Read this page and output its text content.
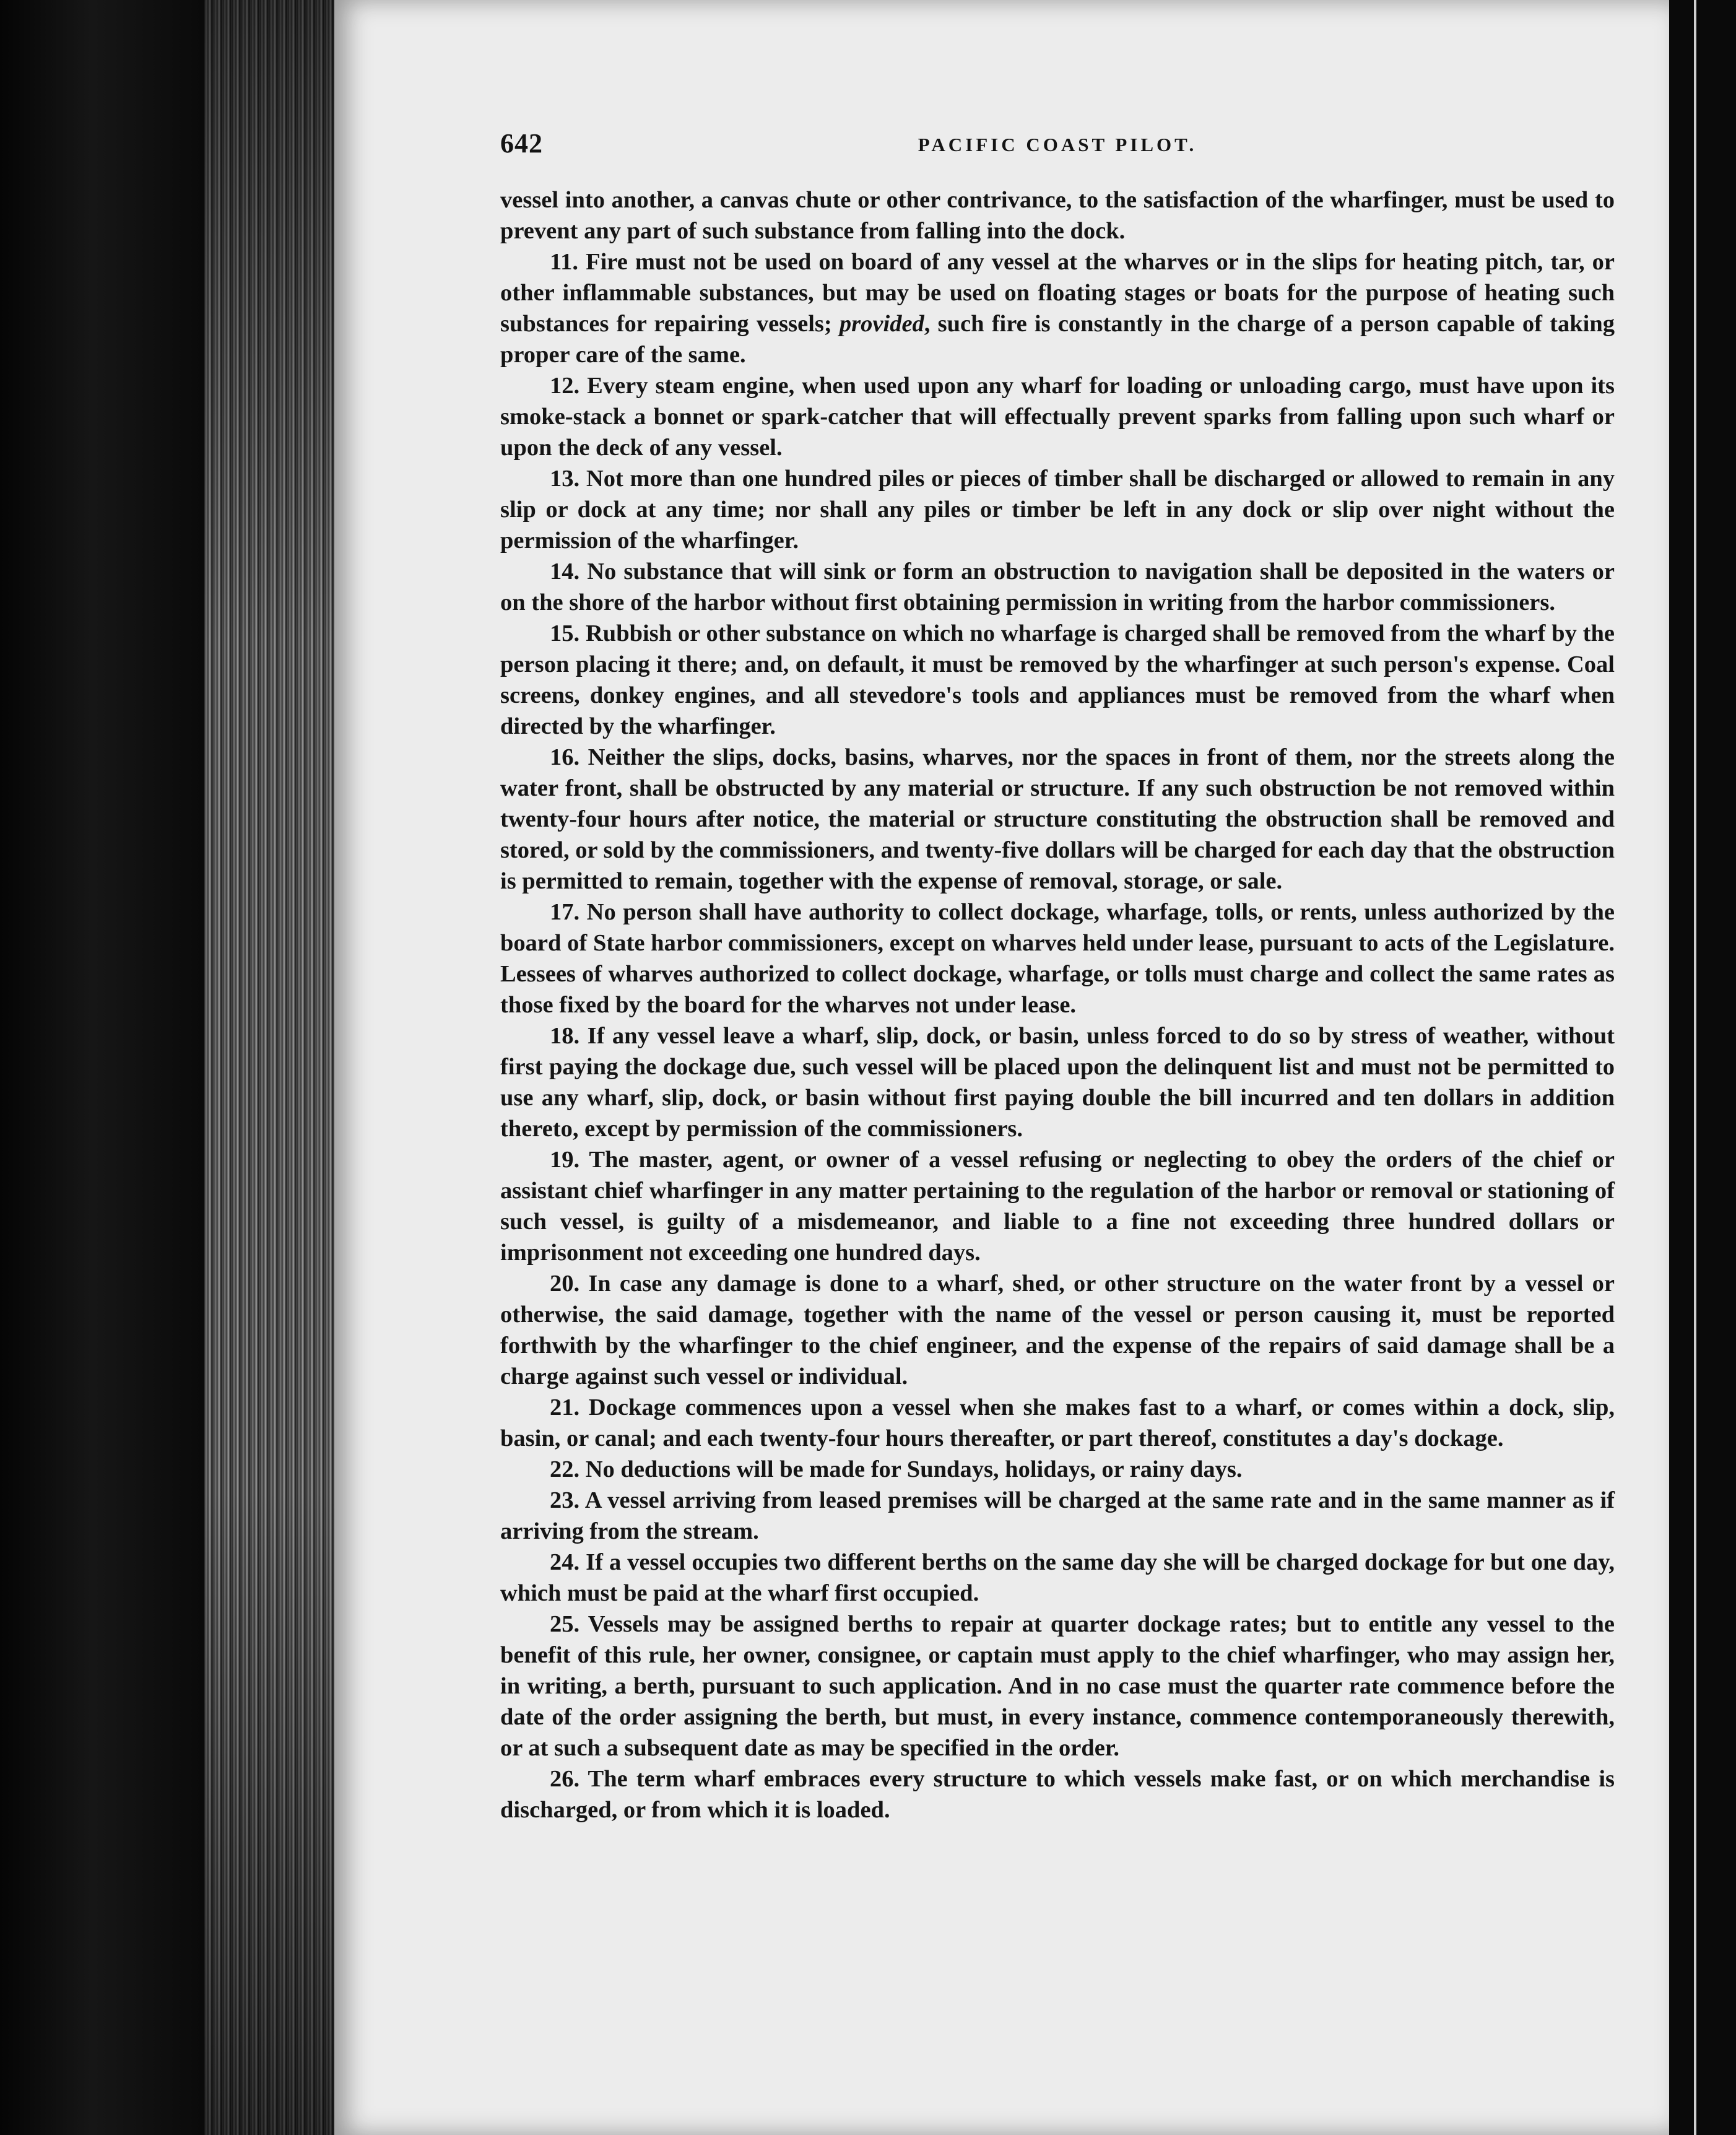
642	PACIFIC COAST PILOT.

vessel into another, a canvas chute or other contrivance, to the satisfaction of the wharfinger, must be used to prevent any part of such substance from falling into the dock.

11. Fire must not be used on board of any vessel at the wharves or in the slips for heating pitch, tar, or other inflammable substances, but may be used on floating stages or boats for the purpose of heating such substances for repairing vessels; provided, such fire is constantly in the charge of a person capable of taking proper care of the same.

12. Every steam engine, when used upon any wharf for loading or unloading cargo, must have upon its smoke-stack a bonnet or spark-catcher that will effectually prevent sparks from falling upon such wharf or upon the deck of any vessel.

13. Not more than one hundred piles or pieces of timber shall be discharged or allowed to remain in any slip or dock at any time; nor shall any piles or timber be left in any dock or slip over night without the permission of the wharfinger.

14. No substance that will sink or form an obstruction to navigation shall be deposited in the waters or on the shore of the harbor without first obtaining permission in writing from the harbor commissioners.

15. Rubbish or other substance on which no wharfage is charged shall be removed from the wharf by the person placing it there; and, on default, it must be removed by the wharfinger at such person's expense. Coal screens, donkey engines, and all stevedore's tools and appliances must be removed from the wharf when directed by the wharfinger.

16. Neither the slips, docks, basins, wharves, nor the spaces in front of them, nor the streets along the water front, shall be obstructed by any material or structure. If any such obstruction be not removed within twenty-four hours after notice, the material or structure constituting the obstruction shall be removed and stored, or sold by the commissioners, and twenty-five dollars will be charged for each day that the obstruction is permitted to remain, together with the expense of removal, storage, or sale.

17. No person shall have authority to collect dockage, wharfage, tolls, or rents, unless authorized by the board of State harbor commissioners, except on wharves held under lease, pursuant to acts of the Legislature. Lessees of wharves authorized to collect dockage, wharfage, or tolls must charge and collect the same rates as those fixed by the board for the wharves not under lease.

18. If any vessel leave a wharf, slip, dock, or basin, unless forced to do so by stress of weather, without first paying the dockage due, such vessel will be placed upon the delinquent list and must not be permitted to use any wharf, slip, dock, or basin without first paying double the bill incurred and ten dollars in addition thereto, except by permission of the commissioners.

19. The master, agent, or owner of a vessel refusing or neglecting to obey the orders of the chief or assistant chief wharfinger in any matter pertaining to the regulation of the harbor or removal or stationing of such vessel, is guilty of a misdemeanor, and liable to a fine not exceeding three hundred dollars or imprisonment not exceeding one hundred days.

20. In case any damage is done to a wharf, shed, or other structure on the water front by a vessel or otherwise, the said damage, together with the name of the vessel or person causing it, must be reported forthwith by the wharfinger to the chief engineer, and the expense of the repairs of said damage shall be a charge against such vessel or individual.

21. Dockage commences upon a vessel when she makes fast to a wharf, or comes within a dock, slip, basin, or canal; and each twenty-four hours thereafter, or part thereof, constitutes a day's dockage.

22. No deductions will be made for Sundays, holidays, or rainy days.

23. A vessel arriving from leased premises will be charged at the same rate and in the same manner as if arriving from the stream.

24. If a vessel occupies two different berths on the same day she will be charged dockage for but one day, which must be paid at the wharf first occupied.

25. Vessels may be assigned berths to repair at quarter dockage rates; but to entitle any vessel to the benefit of this rule, her owner, consignee, or captain must apply to the chief wharfinger, who may assign her, in writing, a berth, pursuant to such application. And in no case must the quarter rate commence before the date of the order assigning the berth, but must, in every instance, commence contemporaneously therewith, or at such a subsequent date as may be specified in the order.

26. The term wharf embraces every structure to which vessels make fast, or on which merchandise is discharged, or from which it is loaded.
